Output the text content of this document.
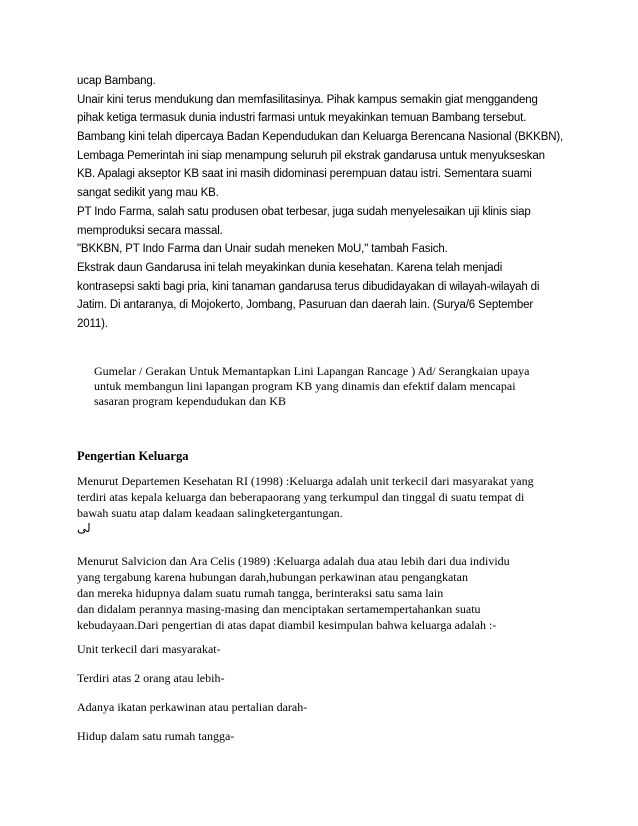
ucap Bambang.
Unair kini terus mendukung dan memfasilitasinya. Pihak kampus semakin giat menggandeng
pihak ketiga termasuk dunia industri farmasi untuk meyakinkan temuan Bambang tersebut.
Bambang kini telah dipercaya Badan Kependudukan dan Keluarga Berencana Nasional (BKKBN),
Lembaga Pemerintah ini siap menampung seluruh pil ekstrak gandarusa untuk menyukseskan
KB. Apalagi akseptor KB saat ini masih didominasi perempuan datau istri. Sementara suami
sangat sedikit yang mau KB.
PT Indo Farma, salah satu produsen obat terbesar, juga sudah menyelesaikan uji klinis siap
memproduksi secara massal.
"BKKBN, PT Indo Farma dan Unair sudah meneken MoU," tambah Fasich.
Ekstrak daun Gandarusa ini telah meyakinkan dunia kesehatan. Karena telah menjadi
kontrasepsi sakti bagi pria, kini tanaman gandarusa terus dibudidayakan di wilayah-wilayah di
Jatim. Di antaranya, di Mojokerto, Jombang, Pasuruan dan daerah lain. (Surya/6 September
2011).
Gumelar / Gerakan Untuk Memantapkan Lini Lapangan Rancage ) Ad/ Serangkaian upaya
untuk membangun lini lapangan program KB yang dinamis dan efektif dalam mencapai
sasaran program kependudukan dan KB
Pengertian Keluarga
Menurut Departemen Kesehatan RI (1998) :Keluarga adalah unit terkecil dari masyarakat yang
terdiri atas kepala keluarga dan beberapaorang yang terkumpul dan tinggal di suatu tempat di
bawah suatu atap dalam keadaan salingketergantungan.
لى
Menurut Salvicion dan Ara Celis (1989) :Keluarga adalah dua atau lebih dari dua individu
yang tergabung karena hubungan darah,hubungan perkawinan atau pengangkatan
dan mereka hidupnya dalam suatu rumah tangga, berinteraksi satu sama lain
dan didalam perannya masing-masing dan menciptakan sertamempertahankan suatu
kebudayaan.Dari pengertian di atas dapat diambil kesimpulan bahwa keluarga adalah :-
Unit terkecil dari masyarakat-
Terdiri atas 2 orang atau lebih-
Adanya ikatan perkawinan atau pertalian darah-
Hidup dalam satu rumah tangga-
